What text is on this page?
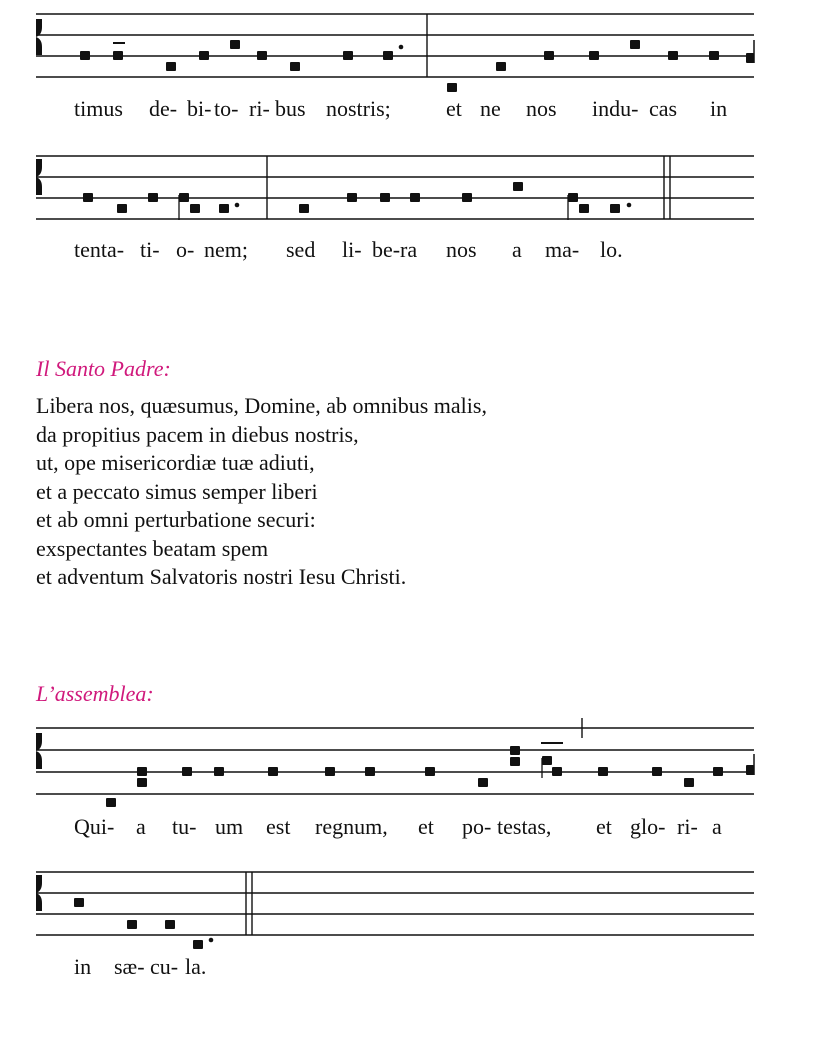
timus de- bi- to- ri- bus nostris;	et ne nos indu- cas in
tenta- ti- o- nem; sed li- be- ra nos a ma- lo.
Il Santo Padre:
Libera nos, quæsumus, Domine, ab omnibus malis,
da propitius pacem in diebus nostris,
ut, ope misericordiæ tuæ adiuti,
et a peccato simus semper liberi
et ab omni perturbatione securi:
exspectantes beatam spem
et adventum Salvatoris nostri Iesu Christi.
L’assemblea:
Qui- a tu- um est regnum, et po- testas, et glo- ri- a
in sæ- cu- la.
